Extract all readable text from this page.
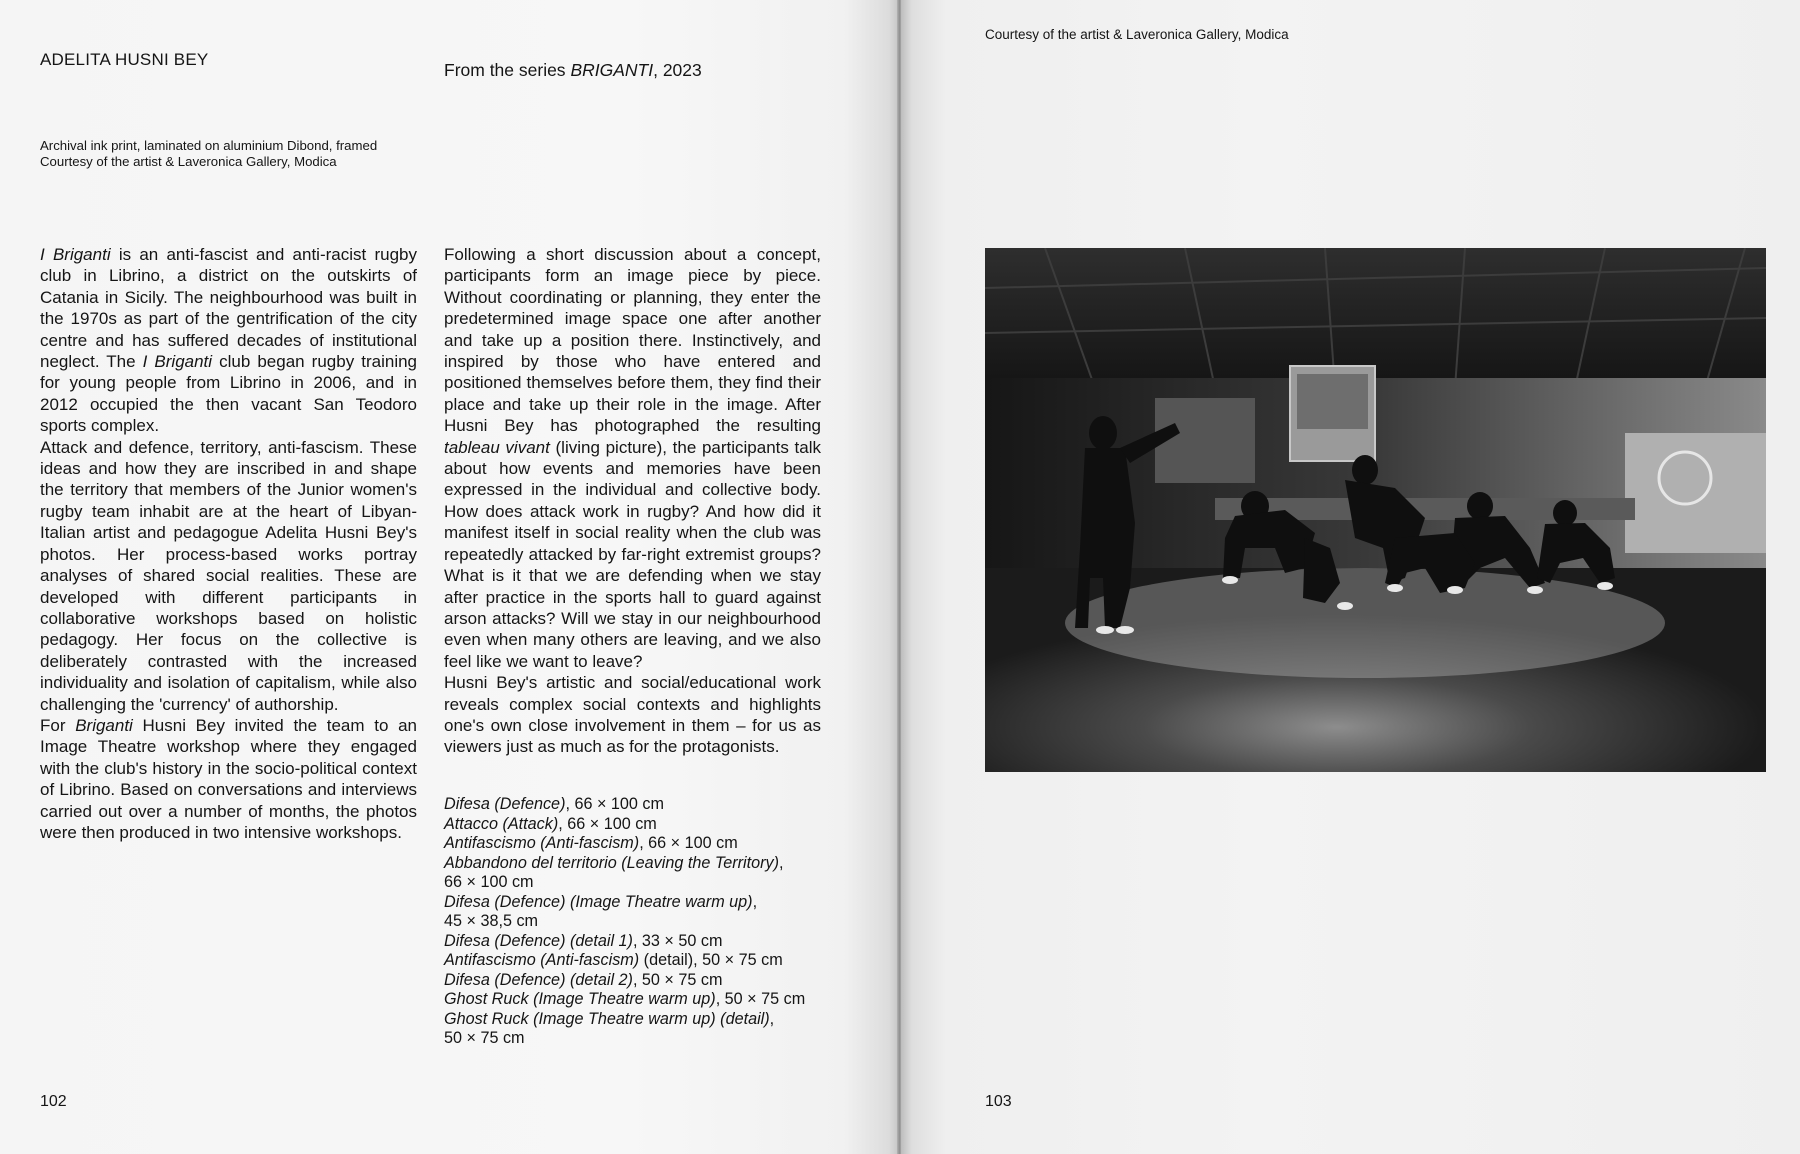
ADELITA HUSNI BEY
From the series BRIGANTI, 2023
Archival ink print, laminated on aluminium Dibond, framed
Courtesy of the artist & Laveronica Gallery, Modica

I Briganti is an anti-fascist and anti-racist rugby club in Librino, a district on the outskirts of Catania in Sicily. The neighbourhood was built in the 1970s as part of the gentrification of the city centre and has suffered decades of institutional neglect. The I Briganti club began rugby training for young people from Librino in 2006, and in 2012 occupied the then vacant San Teodoro sports complex.

Attack and defence, territory, anti-fascism. These ideas and how they are inscribed in and shape the territory that members of the Junior women's rugby team inhabit are at the heart of Libyan-Italian artist and pedagogue Adelita Husni Bey's photos. Her process-based works portray analyses of shared social realities. These are developed with different participants in collaborative workshops based on holistic pedagogy. Her focus on the collective is deliberately contrasted with the increased individuality and isolation of capitalism, while also challenging the 'currency' of authorship.

For Briganti Husni Bey invited the team to an Image Theatre workshop where they engaged with the club's history in the socio-political context of Librino. Based on conversations and interviews carried out over a number of months, the photos were then produced in two intensive workshops.

Following a short discussion about a concept, participants form an image piece by piece. Without coordinating or planning, they enter the predetermined image space one after another and take up a position there. Instinctively, and inspired by those who have entered and positioned themselves before them, they find their place and take up their role in the image. After Husni Bey has photographed the resulting tableau vivant (living picture), the participants talk about how events and memories have been expressed in the individual and collective body. How does attack work in rugby? And how did it manifest itself in social reality when the club was repeatedly attacked by far-right extremist groups? What is it that we are defending when we stay after practice in the sports hall to guard against arson attacks? Will we stay in our neighbourhood even when many others are leaving, and we also feel like we want to leave?

Husni Bey's artistic and social/educational work reveals complex social contexts and highlights one's own close involvement in them – for us as viewers just as much as for the protagonists.

Difesa (Defence), 66 × 100 cm
Attacco (Attack), 66 × 100 cm
Antifascismo (Anti-fascism), 66 × 100 cm
Abbandono del territorio (Leaving the Territory),
66 × 100 cm
Difesa (Defence) (Image Theatre warm up),
45 × 38,5 cm
Difesa (Defence) (detail 1), 33 × 50 cm
Antifascismo (Anti-fascism) (detail), 50 × 75 cm
Difesa (Defence) (detail 2), 50 × 75 cm
Ghost Ruck (Image Theatre warm up), 50 × 75 cm
Ghost Ruck (Image Theatre warm up) (detail),
50 × 75 cm
102
Courtesy of the artist & Laveronica Gallery, Modica
103
